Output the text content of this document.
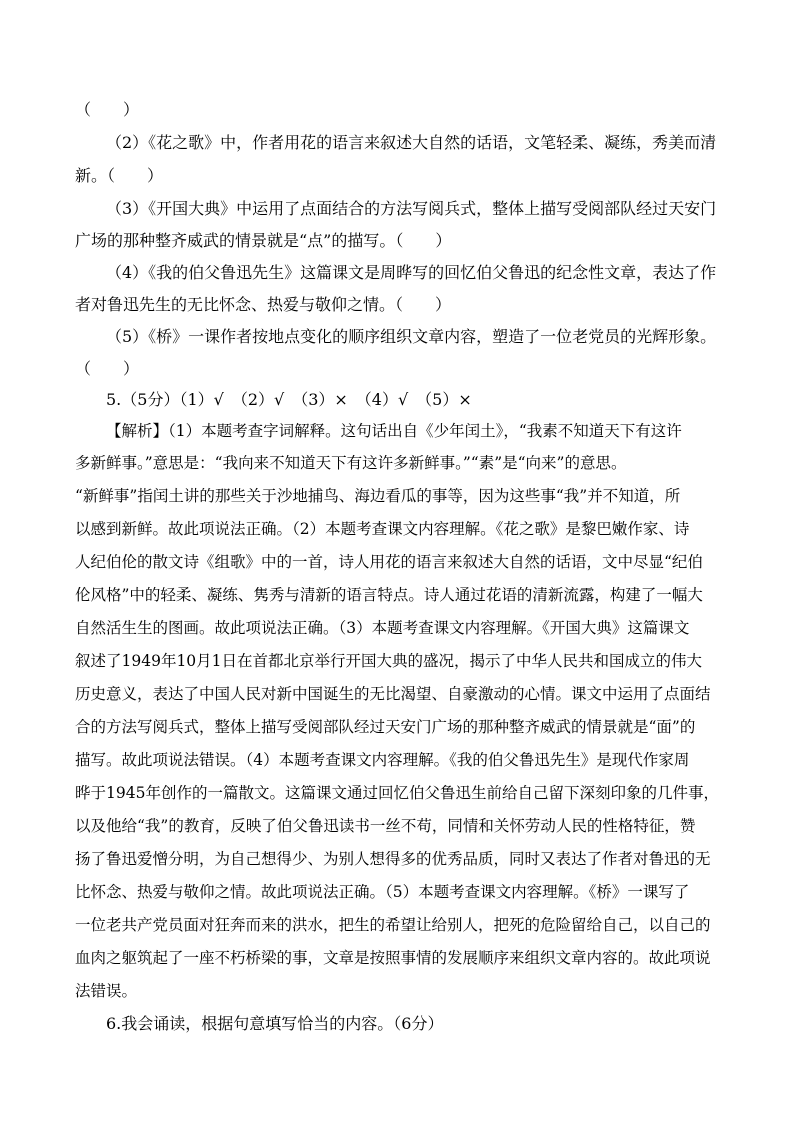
（　　）
（2）《花之歌》中，作者用花的语言来叙述大自然的话语，文笔轻柔、凝练，秀美而清
新。（　　）
（3）《开国大典》中运用了点面结合的方法写阅兵式，整体上描写受阅部队经过天安门
广场的那种整齐威武的情景就是“点”的描写。（　　）
（4）《我的伯父鲁迅先生》这篇课文是周晔写的回忆伯父鲁迅的纪念性文章，表达了作
者对鲁迅先生的无比怀念、热爱与敬仰之情。（　　）
（5）《桥》一课作者按地点变化的顺序组织文章内容，塑造了一位老党员的光辉形象。
（　　）
5.（5分）（1）√　（2）√　（3）×　（4）√　（5）×
【解析】（1）本题考查字词解释。这句话出自《少年闰土》，“我素不知道天下有这许
多新鲜事。”意思是：“我向来不知道天下有这许多新鲜事。”“素”是“向来”的意思。
“新鲜事”指闰土讲的那些关于沙地捕鸟、海边看瓜的事等，因为这些事“我”并不知道，所
以感到新鲜。故此项说法正确。（2）本题考查课文内容理解。《花之歌》是黎巴嫩作家、诗
人纪伯伦的散文诗《组歌》中的一首，诗人用花的语言来叙述大自然的话语，文中尽显“纪伯
伦风格”中的轻柔、凝练、隽秀与清新的语言特点。诗人通过花语的清新流露，构建了一幅大
自然活生生的图画。故此项说法正确。（3）本题考查课文内容理解。《开国大典》这篇课文
叙述了1949年10月1日在首都北京举行开国大典的盛况，揭示了中华人民共和国成立的伟大
历史意义，表达了中国人民对新中国诞生的无比渴望、自豪激动的心情。课文中运用了点面结
合的方法写阅兵式，整体上描写受阅部队经过天安门广场的那种整齐威武的情景就是“面”的
描写。故此项说法错误。（4）本题考查课文内容理解。《我的伯父鲁迅先生》是现代作家周
晔于1945年创作的一篇散文。这篇课文通过回忆伯父鲁迅生前给自己留下深刻印象的几件事，
以及他给“我”的教育，反映了伯父鲁迅读书一丝不苟，同情和关怀劳动人民的性格特征，赞
扬了鲁迅爱憎分明，为自己想得少、为别人想得多的优秀品质，同时又表达了作者对鲁迅的无
比怀念、热爱与敬仰之情。故此项说法正确。（5）本题考查课文内容理解。《桥》一课写了
一位老共产党员面对狂奔而来的洪水，把生的希望让给别人，把死的危险留给自己，以自己的
血肉之躯筑起了一座不朽桥梁的事，文章是按照事情的发展顺序来组织文章内容的。故此项说
法错误。
6.我会诵读，根据句意填写恰当的内容。（6分）
